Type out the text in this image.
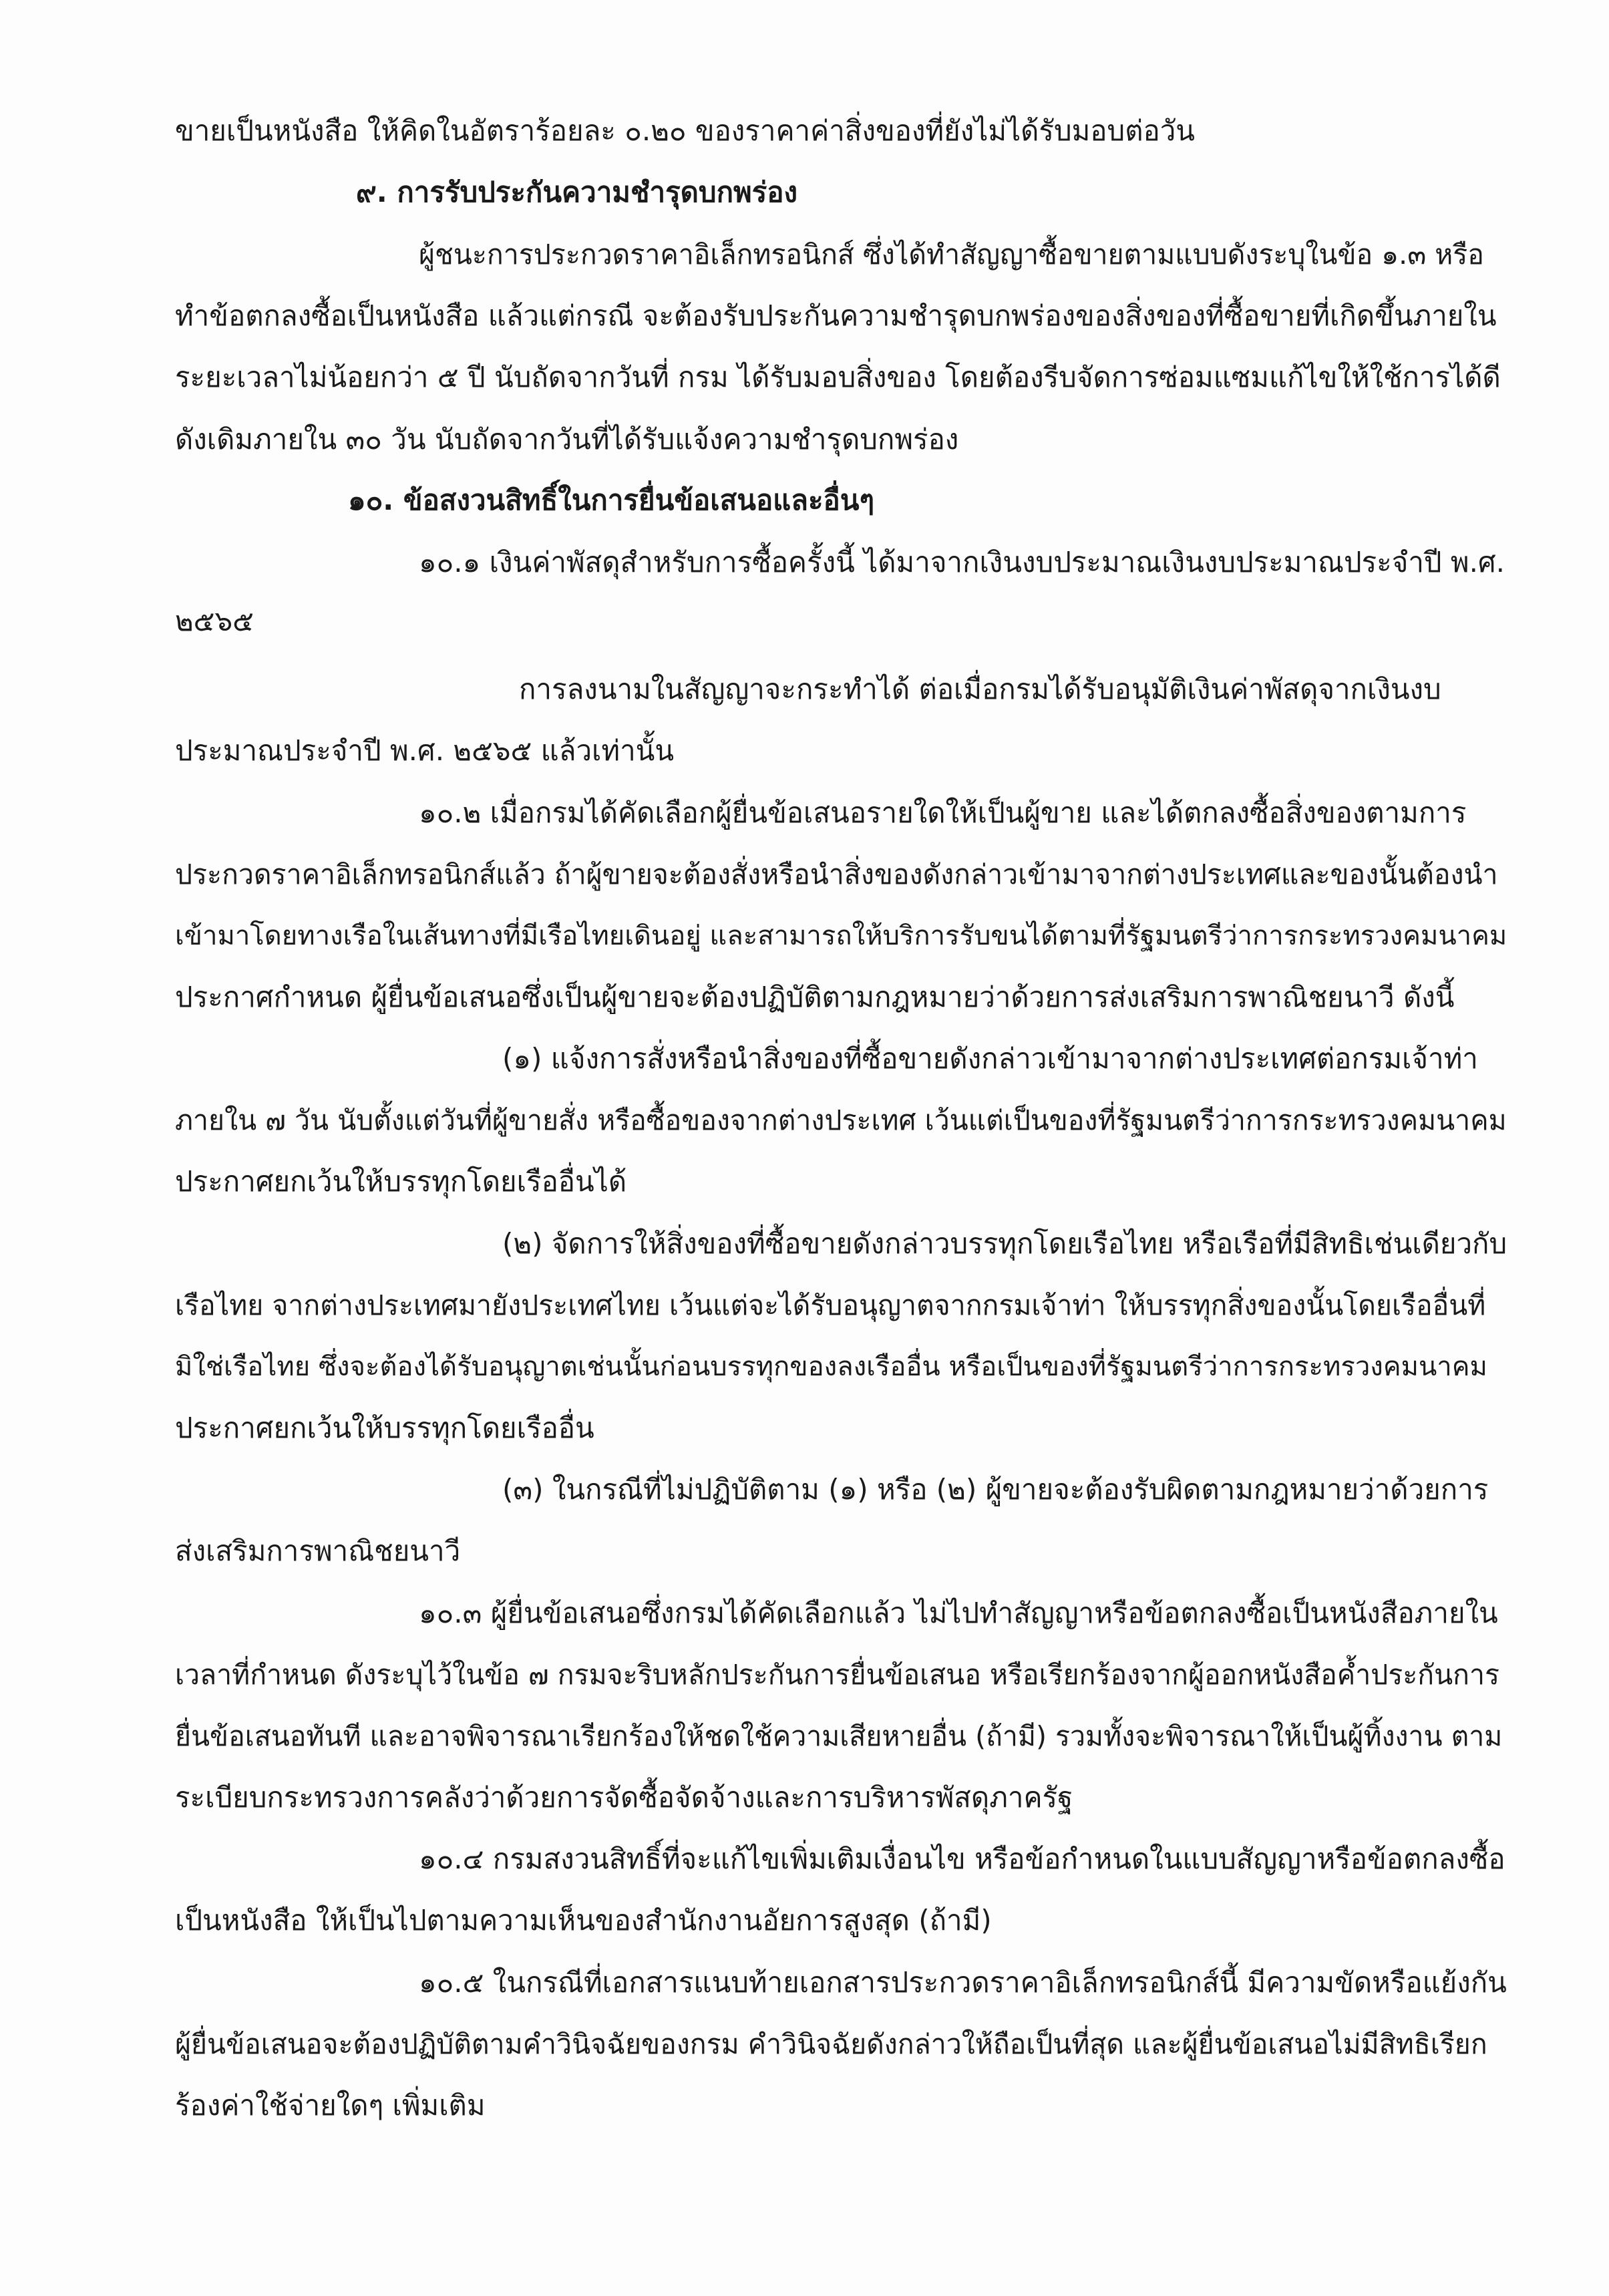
ขายเป็นหนังสือ ให้คิดในอัตราร้อยละ ๐.๒๐ ของราคาค่าสิ่งของที่ยังไม่ได้รับมอบต่อวัน
๙. การรับประกันความชำรุดบกพร่อง
ผู้ชนะการประกวดราคาอิเล็กทรอนิกส์ ซึ่งได้ทำสัญญาซื้อขายตามแบบดังระบุในข้อ ๑.๓ หรือ
ทำข้อตกลงซื้อเป็นหนังสือ แล้วแต่กรณี จะต้องรับประกันความชำรุดบกพร่องของสิ่งของที่ซื้อขายที่เกิดขึ้นภายใน
ระยะเวลาไม่น้อยกว่า ๕ ปี นับถัดจากวันที่ กรม ได้รับมอบสิ่งของ โดยต้องรีบจัดการซ่อมแซมแก้ไขให้ใช้การได้ดี
ดังเดิมภายใน ๓๐ วัน นับถัดจากวันที่ได้รับแจ้งความชำรุดบกพร่อง
๑๐. ข้อสงวนสิทธิ์ในการยื่นข้อเสนอและอื่นๆ
๑๐.๑ เงินค่าพัสดุสำหรับการซื้อครั้งนี้ ได้มาจากเงินงบประมาณเงินงบประมาณประจำปี พ.ศ.
๒๕๖๕
การลงนามในสัญญาจะกระทำได้ ต่อเมื่อกรมได้รับอนุมัติเงินค่าพัสดุจากเงินงบ
ประมาณประจำปี พ.ศ. ๒๕๖๕ แล้วเท่านั้น
๑๐.๒ เมื่อกรมได้คัดเลือกผู้ยื่นข้อเสนอรายใดให้เป็นผู้ขาย และได้ตกลงซื้อสิ่งของตามการ
ประกวดราคาอิเล็กทรอนิกส์แล้ว ถ้าผู้ขายจะต้องสั่งหรือนำสิ่งของดังกล่าวเข้ามาจากต่างประเทศและของนั้นต้องนำ
เข้ามาโดยทางเรือในเส้นทางที่มีเรือไทยเดินอยู่ และสามารถให้บริการรับขนได้ตามที่รัฐมนตรีว่าการกระทรวงคมนาคม
ประกาศกำหนด ผู้ยื่นข้อเสนอซึ่งเป็นผู้ขายจะต้องปฏิบัติตามกฎหมายว่าด้วยการส่งเสริมการพาณิชยนาวี ดังนี้
(๑) แจ้งการสั่งหรือนำสิ่งของที่ซื้อขายดังกล่าวเข้ามาจากต่างประเทศต่อกรมเจ้าท่า
ภายใน ๗ วัน นับตั้งแต่วันที่ผู้ขายสั่ง หรือซื้อของจากต่างประเทศ เว้นแต่เป็นของที่รัฐมนตรีว่าการกระทรวงคมนาคม
ประกาศยกเว้นให้บรรทุกโดยเรืออื่นได้
(๒) จัดการให้สิ่งของที่ซื้อขายดังกล่าวบรรทุกโดยเรือไทย หรือเรือที่มีสิทธิเช่นเดียวกับ
เรือไทย จากต่างประเทศมายังประเทศไทย เว้นแต่จะได้รับอนุญาตจากกรมเจ้าท่า ให้บรรทุกสิ่งของนั้นโดยเรืออื่นที่
มิใช่เรือไทย ซึ่งจะต้องได้รับอนุญาตเช่นนั้นก่อนบรรทุกของลงเรืออื่น หรือเป็นของที่รัฐมนตรีว่าการกระทรวงคมนาคม
ประกาศยกเว้นให้บรรทุกโดยเรืออื่น
(๓) ในกรณีที่ไม่ปฏิบัติตาม (๑) หรือ (๒) ผู้ขายจะต้องรับผิดตามกฎหมายว่าด้วยการ
ส่งเสริมการพาณิชยนาวี
๑๐.๓ ผู้ยื่นข้อเสนอซึ่งกรมได้คัดเลือกแล้ว ไม่ไปทำสัญญาหรือข้อตกลงซื้อเป็นหนังสือภายใน
เวลาที่กำหนด ดังระบุไว้ในข้อ ๗ กรมจะริบหลักประกันการยื่นข้อเสนอ หรือเรียกร้องจากผู้ออกหนังสือค้ำประกันการ
ยื่นข้อเสนอทันที และอาจพิจารณาเรียกร้องให้ชดใช้ความเสียหายอื่น (ถ้ามี) รวมทั้งจะพิจารณาให้เป็นผู้ทิ้งงาน ตาม
ระเบียบกระทรวงการคลังว่าด้วยการจัดซื้อจัดจ้างและการบริหารพัสดุภาครัฐ
๑๐.๔ กรมสงวนสิทธิ์ที่จะแก้ไขเพิ่มเติมเงื่อนไข หรือข้อกำหนดในแบบสัญญาหรือข้อตกลงซื้อ
เป็นหนังสือ ให้เป็นไปตามความเห็นของสำนักงานอัยการสูงสุด (ถ้ามี)
๑๐.๕ ในกรณีที่เอกสารแนบท้ายเอกสารประกวดราคาอิเล็กทรอนิกส์นี้ มีความขัดหรือแย้งกัน
ผู้ยื่นข้อเสนอจะต้องปฏิบัติตามคำวินิจฉัยของกรม คำวินิจฉัยดังกล่าวให้ถือเป็นที่สุด และผู้ยื่นข้อเสนอไม่มีสิทธิเรียก
ร้องค่าใช้จ่ายใดๆ เพิ่มเติม
